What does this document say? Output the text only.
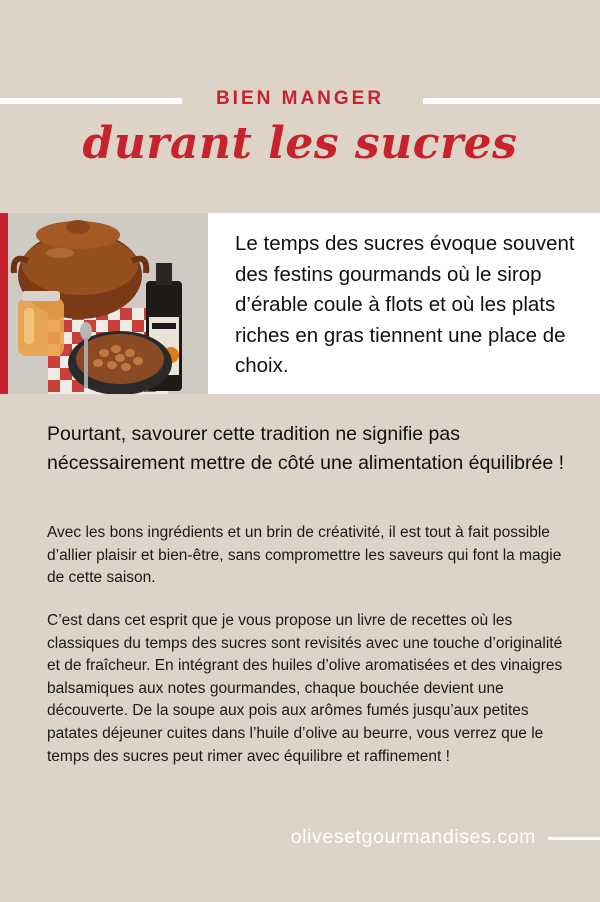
BIEN MANGER
durant les sucres
Le temps des sucres évoque souvent des festins gourmands où le sirop d’érable coule à flots et où les plats riches en gras tiennent une place de choix.
Pourtant, savourer cette tradition ne signifie pas nécessairement mettre de côté une alimentation équilibrée !
Avec les bons ingrédients et un brin de créativité, il est tout à fait possible d’allier plaisir et bien-être, sans compromettre les saveurs qui font la magie de cette saison.
C’est dans cet esprit que je vous propose un livre de recettes où les classiques du temps des sucres sont revisités avec une touche d’originalité et de fraîcheur. En intégrant des huiles d’olive aromatisées et des vinaigres balsamiques aux notes gourmandes, chaque bouchée devient une découverte. De la soupe aux pois aux arômes fumés jusqu’aux petites patates déjeuner cuites dans l’huile d’olive au beurre, vous verrez que le temps des sucres peut rimer avec équilibre et raffinement !
olivesetgourmandises.com
